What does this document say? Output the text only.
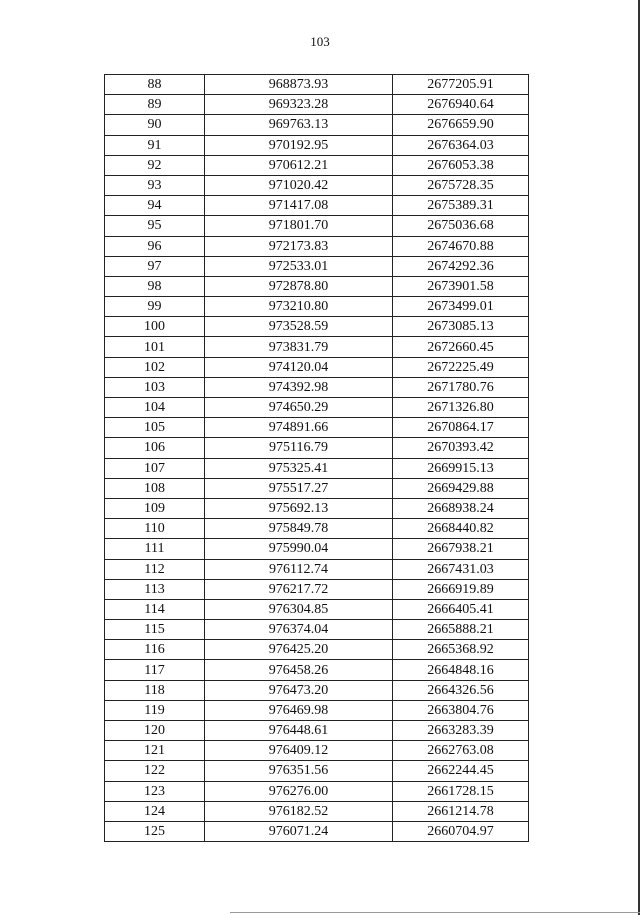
103
88	968873.93	2677205.91
89	969323.28	2676940.64
90	969763.13	2676659.90
91	970192.95	2676364.03
92	970612.21	2676053.38
93	971020.42	2675728.35
94	971417.08	2675389.31
95	971801.70	2675036.68
96	972173.83	2674670.88
97	972533.01	2674292.36
98	972878.80	2673901.58
99	973210.80	2673499.01
100	973528.59	2673085.13
101	973831.79	2672660.45
102	974120.04	2672225.49
103	974392.98	2671780.76
104	974650.29	2671326.80
105	974891.66	2670864.17
106	975116.79	2670393.42
107	975325.41	2669915.13
108	975517.27	2669429.88
109	975692.13	2668938.24
110	975849.78	2668440.82
111	975990.04	2667938.21
112	976112.74	2667431.03
113	976217.72	2666919.89
114	976304.85	2666405.41
115	976374.04	2665888.21
116	976425.20	2665368.92
117	976458.26	2664848.16
118	976473.20	2664326.56
119	976469.98	2663804.76
120	976448.61	2663283.39
121	976409.12	2662763.08
122	976351.56	2662244.45
123	976276.00	2661728.15
124	976182.52	2661214.78
125	976071.24	2660704.97
